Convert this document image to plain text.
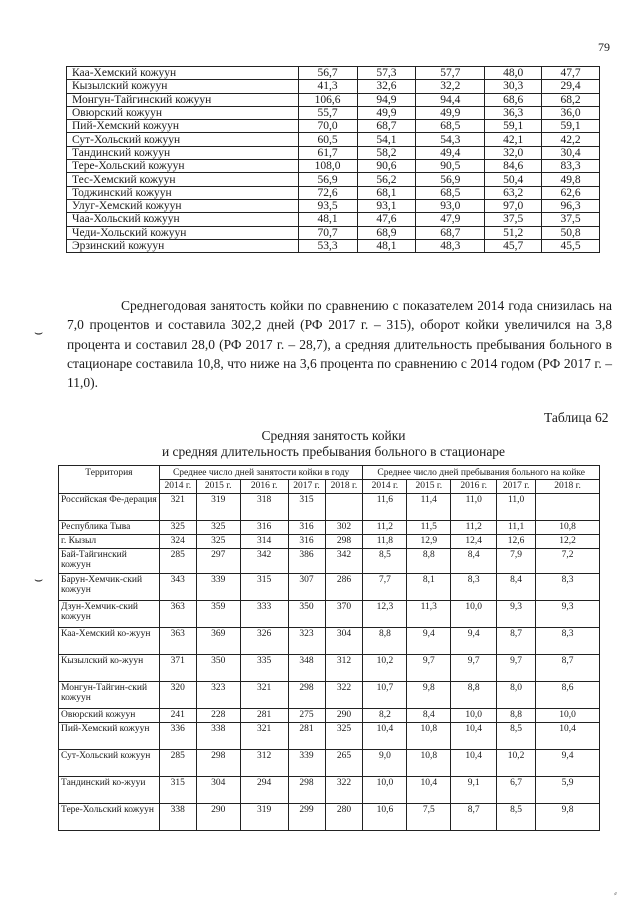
79
Каа-Хемский кожуун	56,7	57,3	57,7	48,0	47,7
Кызылский кожуун	41,3	32,6	32,2	30,3	29,4
Монгун-Тайгинский кожуун	106,6	94,9	94,4	68,6	68,2
Овюрский кожуун	55,7	49,9	49,9	36,3	36,0
Пий-Хемский кожуун	70,0	68,7	68,5	59,1	59,1
Сут-Хольский кожуун	60,5	54,1	54,3	42,1	42,2
Тандинский кожуун	61,7	58,2	49,4	32,0	30,4
Тере-Хольский кожуун	108,0	90,6	90,5	84,6	83,3
Тес-Хемский кожуун	56,9	56,2	56,9	50,4	49,8
Тоджинский кожуун	72,6	68,1	68,5	63,2	62,6
Улуг-Хемский кожуун	93,5	93,1	93,0	97,0	96,3
Чаа-Хольский кожуун	48,1	47,6	47,9	37,5	37,5
Чеди-Хольский кожуун	70,7	68,9	68,7	51,2	50,8
Эрзинский кожуун	53,3	48,1	48,3	45,7	45,5
⌣

Среднегодовая занятость койки по сравнению с показателем 2014 года снизилась на 7,0 процентов и составила 302,2 дней (РФ 2017 г. – 315), оборот койки увеличился на 3,8 процента и составил 28,0 (РФ 2017 г. – 28,7), а средняя длительность пребывания больного в стационаре составила 10,8, что ниже на 3,6 процента по сравнению с 2014 годом (РФ 2017 г. – 11,0).

Таблица 62
Средняя занятость койки
и средняя длительность пребывания больного в стационаре
⌣
Территория	Среднее число дней занятости койки в году					Среднее число дней пребывания больного на койке				
	2014 г.	2015 г.	2016 г.	2017 г.	2018 г.	2014 г.	2015 г.	2016 г.	2017 г.	2018 г.
Российская Фе-дерация	321	319	318	315		11,6	11,4	11,0	11,0	
Республика Тыва	325	325	316	316	302	11,2	11,5	11,2	11,1	10,8
г. Кызыл	324	325	314	316	298	11,8	12,9	12,4	12,6	12,2
Бай-Тайгинский кожуун	285	297	342	386	342	8,5	8,8	8,4	7,9	7,2
Барун-Хемчик-ский кожуун	343	339	315	307	286	7,7	8,1	8,3	8,4	8,3
Дзун-Хемчик-ский кожуун	363	359	333	350	370	12,3	11,3	10,0	9,3	9,3
Каа-Хемский ко-жуун	363	369	326	323	304	8,8	9,4	9,4	8,7	8,3
Кызылский ко-жуун	371	350	335	348	312	10,2	9,7	9,7	9,7	8,7
Монгун-Тайгин-ский кожуун	320	323	321	298	322	10,7	9,8	8,8	8,0	8,6
Овюрский кожуун	241	228	281	275	290	8,2	8,4	10,0	8,8	10,0
Пий-Хемский кожуун	336	338	321	281	325	10,4	10,8	10,4	8,5	10,4
Сут-Хольский кожуун	285	298	312	339	265	9,0	10,8	10,4	10,2	9,4
Тандинский ко-жууи	315	304	294	298	322	10,0	10,4	9,1	6,7	5,9
Тере-Хольский кожуун	338	290	319	299	280	10,6	7,5	8,7	8,5	9,8
⸗
